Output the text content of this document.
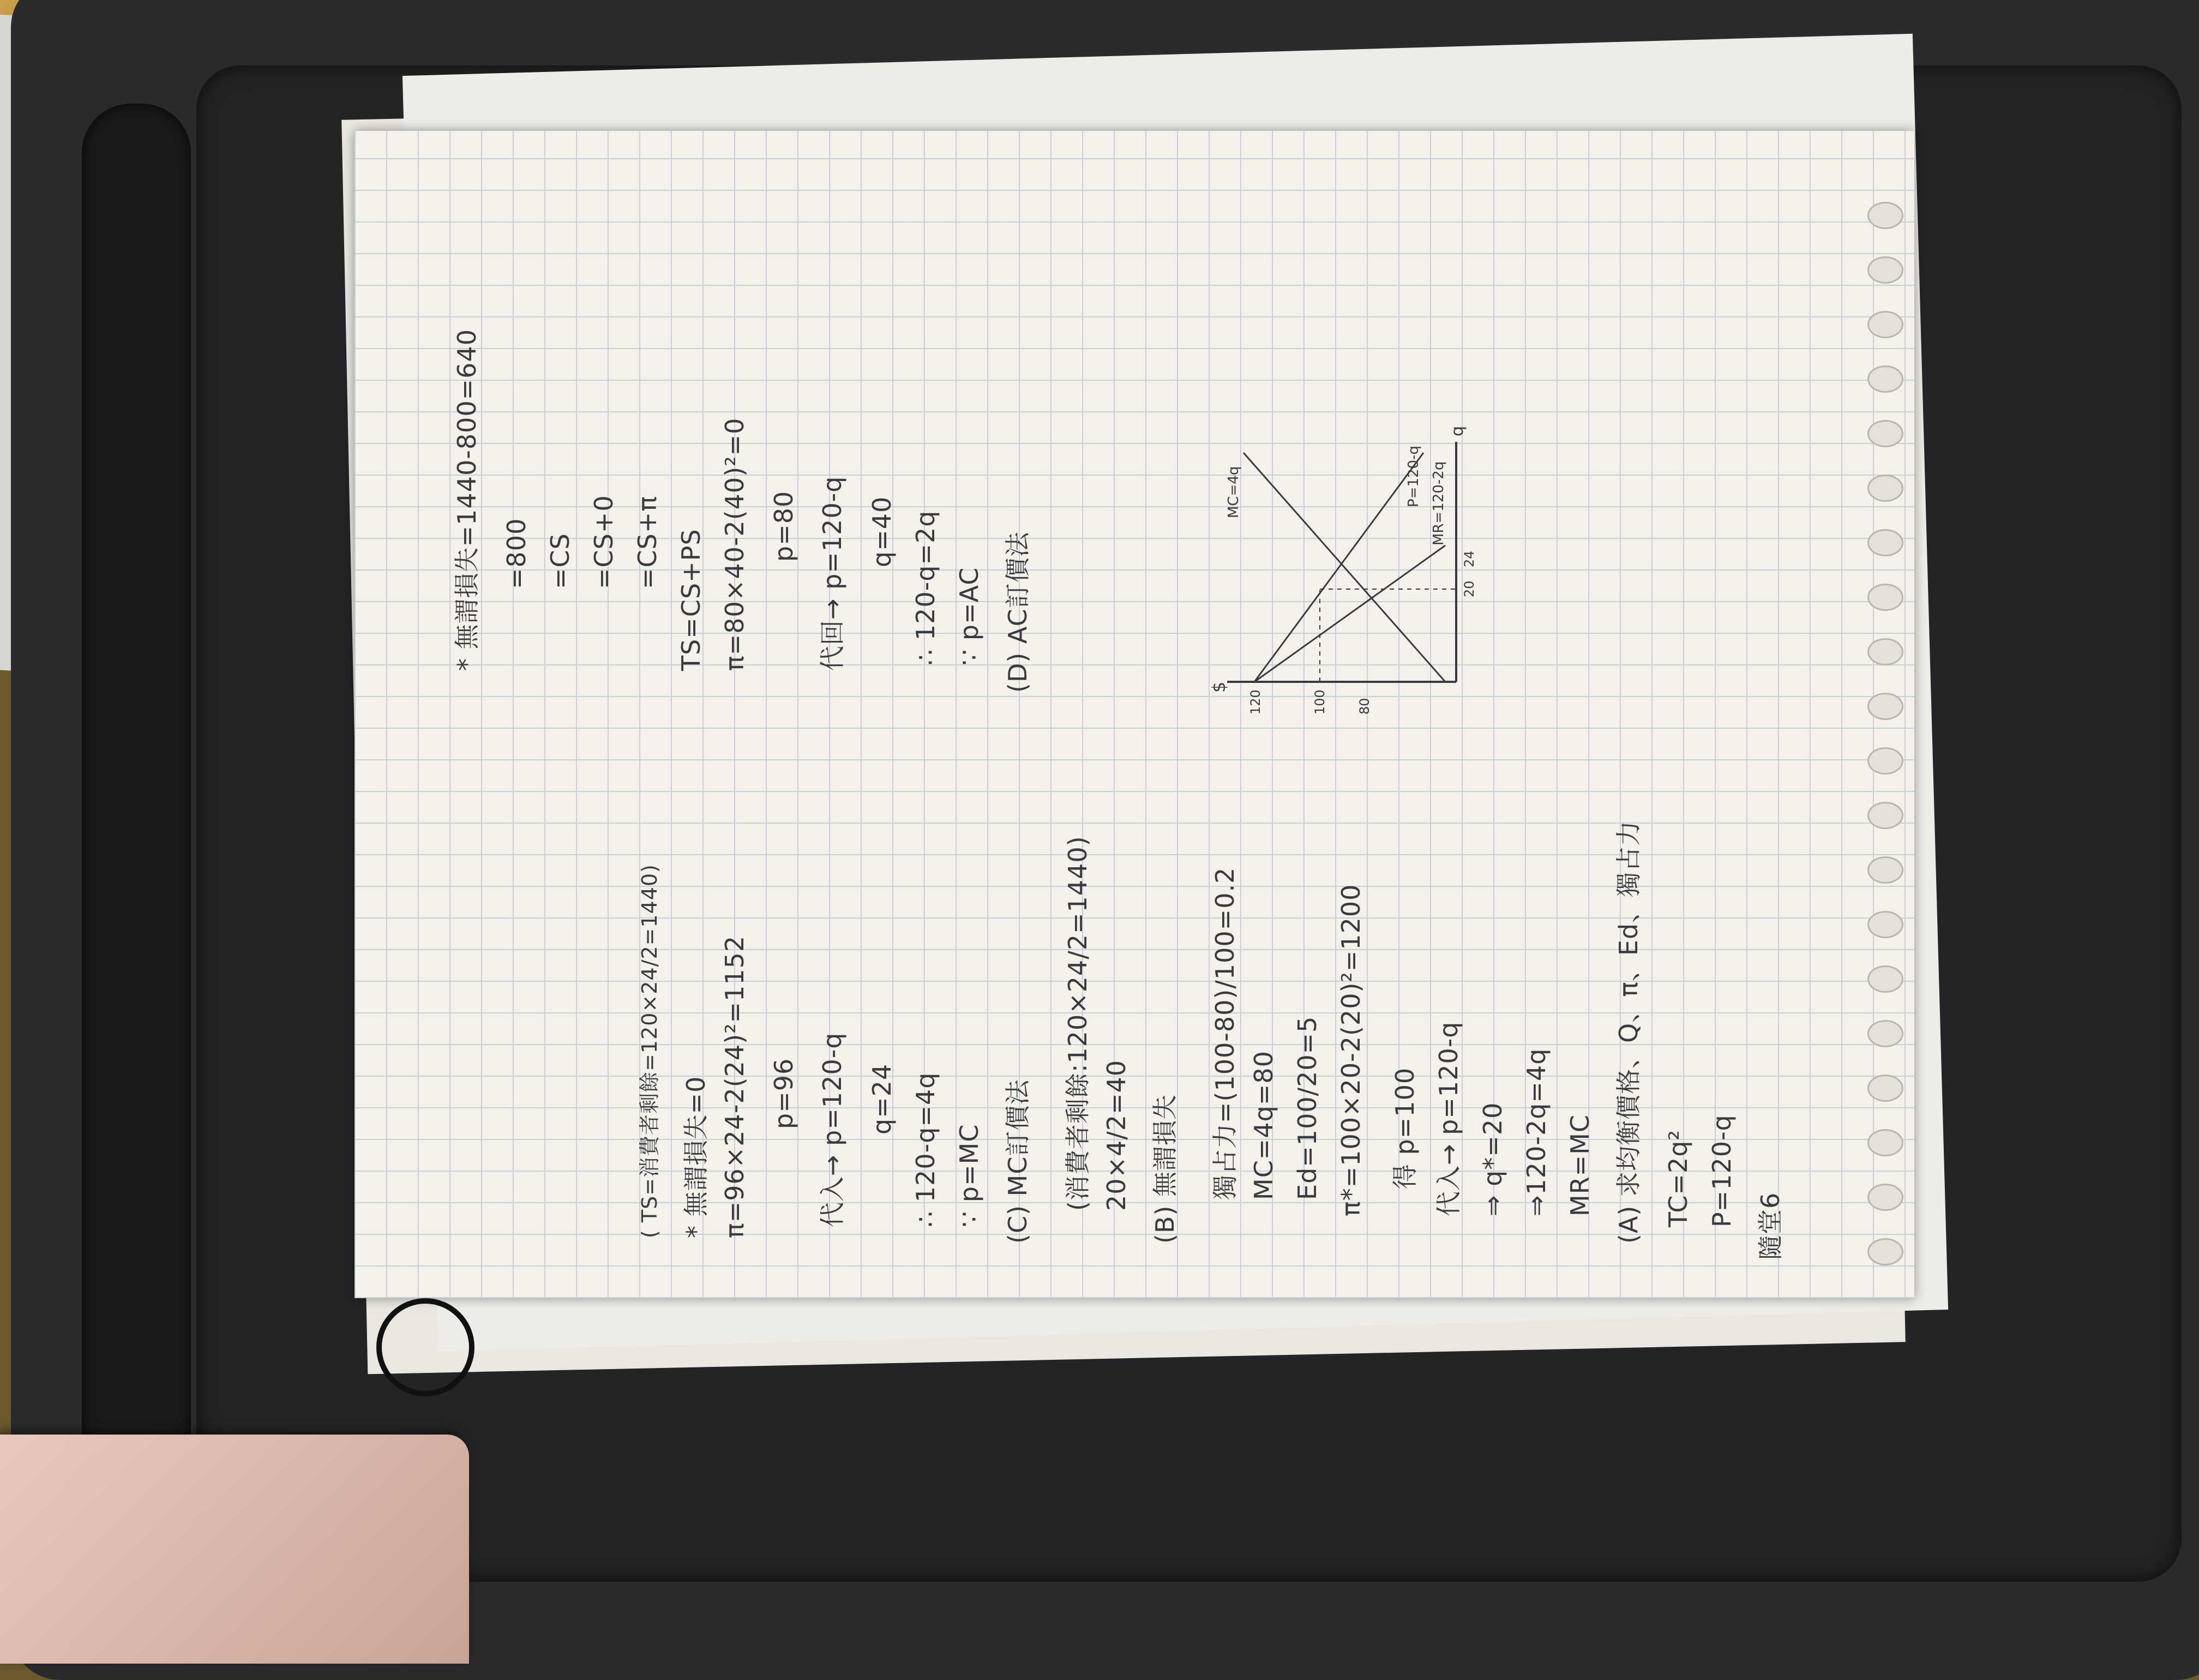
隨堂6
P=120-q
TC=2q²
(A) 求均衡價格、Q、π、Ed、獨占力
MR=MC
⇒120-2q=4q
⇒ q*=20
代入→ p=120-q
得 p=100
π*=100×20-2(20)²=1200
Ed=100/20=5
MC=4q=80
獨占力=(100-80)/100=0.2
$
120	100 80
20
24
q
MC=4q	P=120-q MR=120-2q
(B) 無謂損失
20×4/2=40
(消費者剩餘:120×24/2=1440)
(C) MC訂價法
∵ p=MC
∴ 120-q=4q
q=24
代入→ p=120-q
p=96
π=96×24-2(24)²=1152
* 無謂損失=0
( TS=消費者剩餘=120×24/2=1440)
(D) AC訂價法
∵ p=AC
∴ 120-q=2q
q=40
代回→ p=120-q
p=80
π=80×40-2(40)²=0
TS=CS+PS
=CS+π
=CS+0
=CS
=800
* 無謂損失=1440-800=640
